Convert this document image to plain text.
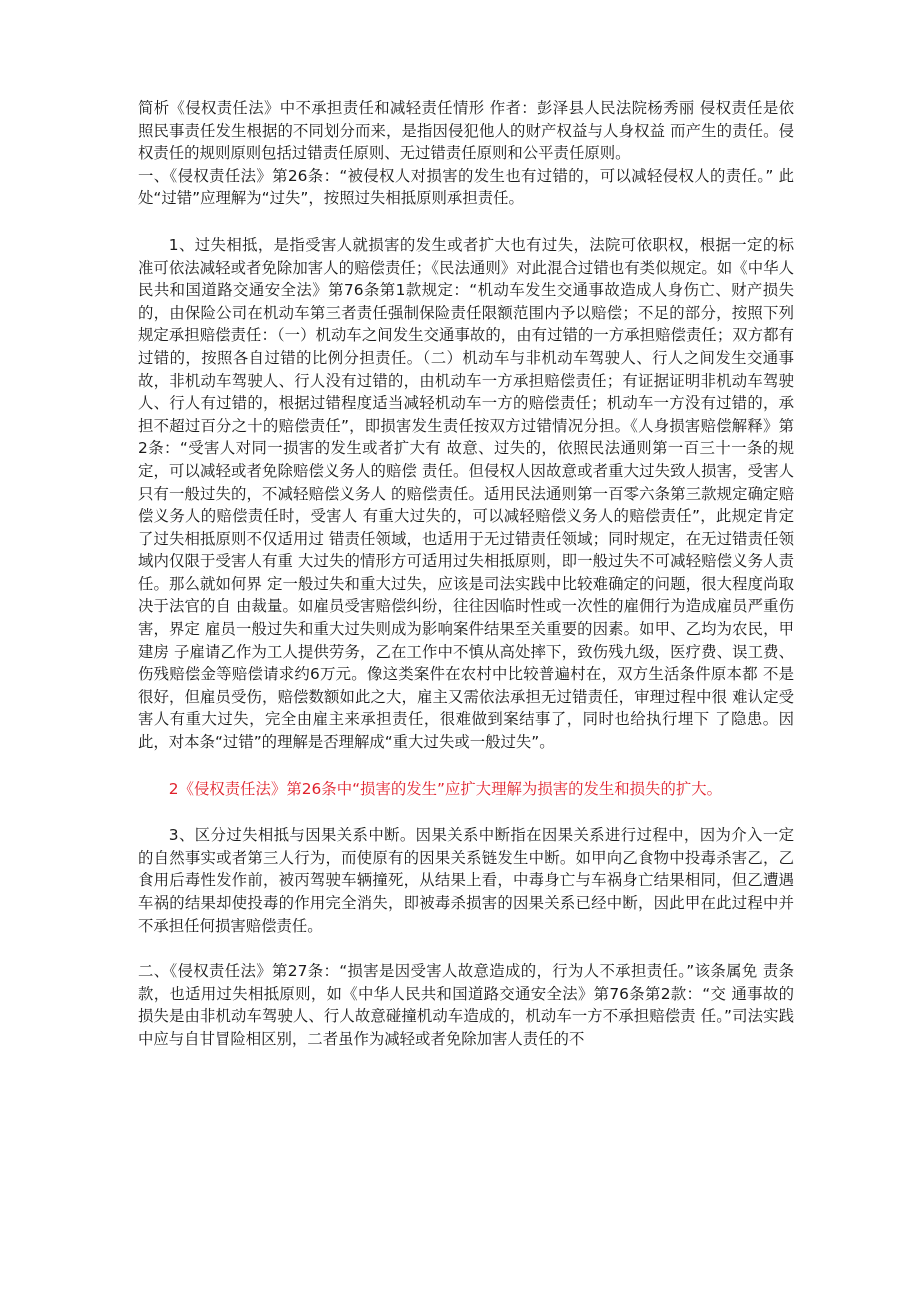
简析《侵权责任法》中不承担责任和减轻责任情形 作者：彭泽县人民法院杨秀丽 侵权责任是依照民事责任发生根据的不同划分而来，是指因侵犯他人的财产权益与人身权益 而产生的责任。侵权责任的规则原则包括过错责任原则、无过错责任原则和公平责任原则。

一、《侵权责任法》第26条：“被侵权人对损害的发生也有过错的，可以减轻侵权人的责任。” 此处“过错”应理解为“过失”，按照过失相抵原则承担责任。

1、过失相抵，是指受害人就损害的发生或者扩大也有过失，法院可依职权，根据一定的标准可依法减轻或者免除加害人的赔偿责任；《民法通则》对此混合过错也有类似规定。如《中华人民共和国道路交通安全法》第76条第1款规定：“机动车发生交通事故造成人身伤亡、财产损失的，由保险公司在机动车第三者责任强制保险责任限额范围内予以赔偿；不足的部分，按照下列规定承担赔偿责任：（一）机动车之间发生交通事故的，由有过错的一方承担赔偿责任；双方都有过错的，按照各自过错的比例分担责任。（二）机动车与非机动车驾驶人、行人之间发生交通事故，非机动车驾驶人、行人没有过错的，由机动车一方承担赔偿责任；有证据证明非机动车驾驶人、行人有过错的，根据过错程度适当减轻机动车一方的赔偿责任；机动车一方没有过错的，承担不超过百分之十的赔偿责任”，即损害发生责任按双方过错情况分担。《人身损害赔偿解释》第2条：“受害人对同一损害的发生或者扩大有 故意、过失的，依照民法通则第一百三十一条的规定，可以减轻或者免除赔偿义务人的赔偿 责任。但侵权人因故意或者重大过失致人损害，受害人只有一般过失的，不减轻赔偿义务人 的赔偿责任。适用民法通则第一百零六条第三款规定确定赔偿义务人的赔偿责任时，受害人 有重大过失的，可以减轻赔偿义务人的赔偿责任”，此规定肯定了过失相抵原则不仅适用过 错责任领域，也适用于无过错责任领域；同时规定，在无过错责任领域内仅限于受害人有重 大过失的情形方可适用过失相抵原则，即一般过失不可减轻赔偿义务人责任。那么就如何界 定一般过失和重大过失，应该是司法实践中比较难确定的问题，很大程度尚取决于法官的自 由裁量。如雇员受害赔偿纠纷，往往因临时性或一次性的雇佣行为造成雇员严重伤害，界定 雇员一般过失和重大过失则成为影响案件结果至关重要的因素。如甲、乙均为农民，甲建房 子雇请乙作为工人提供劳务，乙在工作中不慎从高处摔下，致伤残九级，医疗费、误工费、 伤残赔偿金等赔偿请求约6万元。像这类案件在农村中比较普遍村在，双方生活条件原本都 不是很好，但雇员受伤，赔偿数额如此之大，雇主又需依法承担无过错责任，审理过程中很 难认定受害人有重大过失，完全由雇主来承担责任，很难做到案结事了，同时也给执行埋下 了隐患。因此，对本条“过错”的理解是否理解成“重大过失或一般过失”。

2《侵权责任法》第26条中“损害的发生”应扩大理解为损害的发生和损失的扩大。

3、区分过失相抵与因果关系中断。因果关系中断指在因果关系进行过程中，因为介入一定的自然事实或者第三人行为，而使原有的因果关系链发生中断。如甲向乙食物中投毒杀害乙，乙食用后毒性发作前，被丙驾驶车辆撞死，从结果上看，中毒身亡与车祸身亡结果相同，但乙遭遇车祸的结果却使投毒的作用完全消失，即被毒杀损害的因果关系已经中断，因此甲在此过程中并不承担任何损害赔偿责任。

二、《侵权责任法》第27条：“损害是因受害人故意造成的，行为人不承担责任。”该条属免 责条款，也适用过失相抵原则，如《中华人民共和国道路交通安全法》第76条第2款：“交 通事故的损失是由非机动车驾驶人、行人故意碰撞机动车造成的，机动车一方不承担赔偿责 任。”司法实践中应与自甘冒险相区别，二者虽作为减轻或者免除加害人责任的不
